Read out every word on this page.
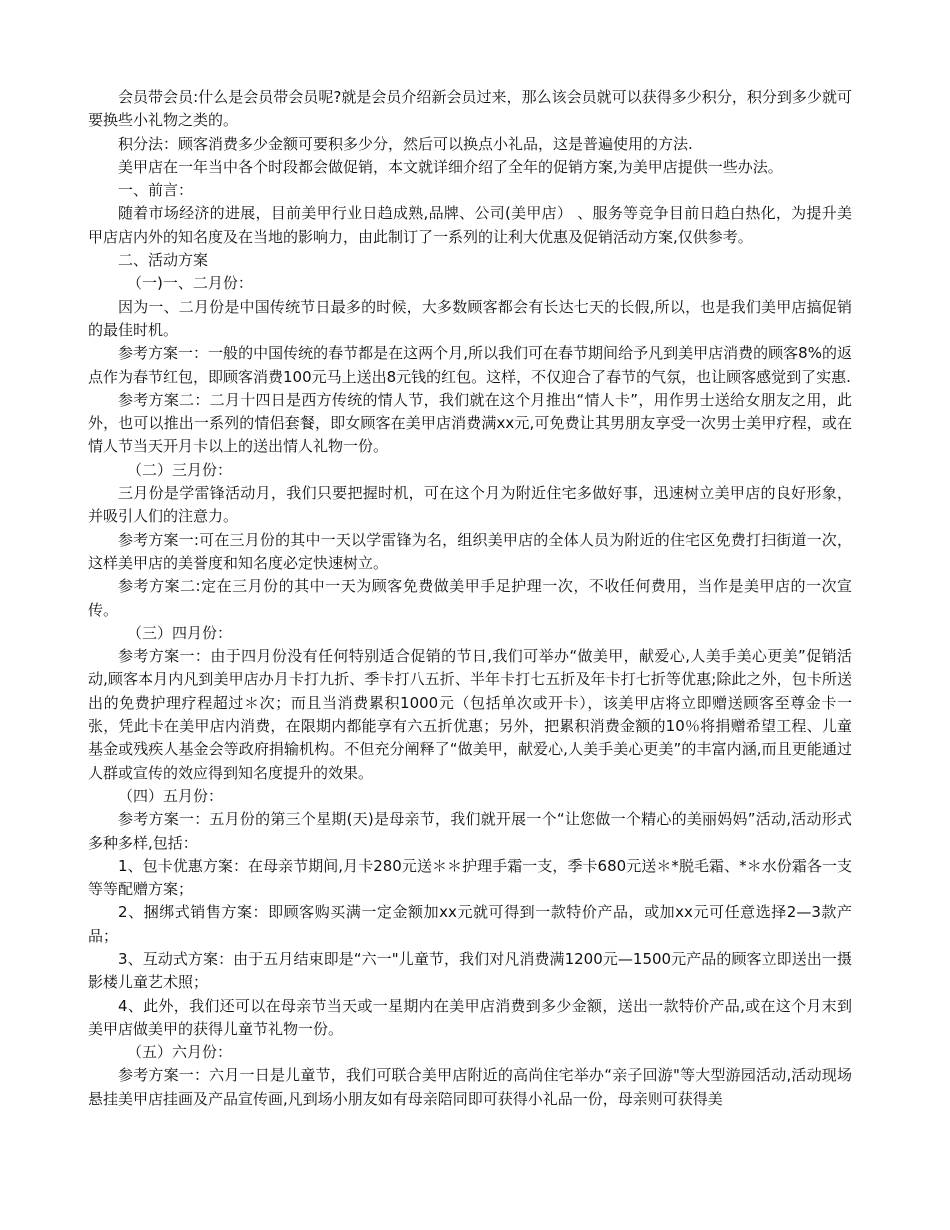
会员带会员:什么是会员带会员呢?就是会员介绍新会员过来，那么该会员就可以获得多少积分，积分到多少就可要换些小礼物之类的。

积分法：顾客消费多少金额可要积多少分，然后可以换点小礼品，这是普遍使用的方法.

美甲店在一年当中各个时段都会做促销，本文就详细介绍了全年的促销方案,为美甲店提供一些办法。

一、前言：

随着市场经济的进展，目前美甲行业日趋成熟,品牌、公司(美甲店） 、服务等竞争目前日趋白热化，为提升美甲店店内外的知名度及在当地的影响力，由此制订了一系列的让利大优惠及促销活动方案,仅供参考。

二、活动方案

（一)一、二月份：

因为一、二月份是中国传统节日最多的时候，大多数顾客都会有长达七天的长假,所以，也是我们美甲店搞促销的最佳时机。

参考方案一：一般的中国传统的春节都是在这两个月,所以我们可在春节期间给予凡到美甲店消费的顾客8%的返点作为春节红包，即顾客消费100元马上送出8元钱的红包。这样，不仅迎合了春节的气氛，也让顾客感觉到了实惠.

参考方案二：二月十四日是西方传统的情人节，我们就在这个月推出“情人卡”，用作男士送给女朋友之用，此外，也可以推出一系列的情侣套餐，即女顾客在美甲店消费满xx元,可免费让其男朋友享受一次男士美甲疗程，或在情人节当天开月卡以上的送出情人礼物一份。

（二）三月份：

三月份是学雷锋活动月，我们只要把握时机，可在这个月为附近住宅多做好事，迅速树立美甲店的良好形象，并吸引人们的注意力。

参考方案一:可在三月份的其中一天以学雷锋为名，组织美甲店的全体人员为附近的住宅区免费打扫街道一次，这样美甲店的美誉度和知名度必定快速树立。

参考方案二:定在三月份的其中一天为顾客免费做美甲手足护理一次，不收任何费用，当作是美甲店的一次宣传。

（三）四月份：

参考方案一：由于四月份没有任何特别适合促销的节日,我们可举办“做美甲，献爱心,人美手美心更美”促销活动,顾客本月内凡到美甲店办月卡打九折、季卡打八五折、半年卡打七五折及年卡打七折等优惠;除此之外，包卡所送出的免费护理疗程超过＊次；而且当消费累积1000元（包括单次或开卡），该美甲店将立即赠送顾客至尊金卡一张，凭此卡在美甲店内消费，在限期内都能享有六五折优惠；另外，把累积消费金额的10％将捐赠希望工程、儿童基金或残疾人基金会等政府捐输机构。不但充分阐释了“做美甲，献爱心,人美手美心更美”的丰富内涵,而且更能通过人群或宣传的效应得到知名度提升的效果。

（四）五月份：

参考方案一：五月份的第三个星期(天)是母亲节，我们就开展一个“让您做一个精心的美丽妈妈”活动,活动形式多种多样,包括：

1、包卡优惠方案：在母亲节期间,月卡280元送＊＊护理手霜一支，季卡680元送＊*脱毛霜、*＊水份霜各一支等等配赠方案；

2、捆绑式销售方案：即顾客购买满一定金额加xx元就可得到一款特价产品，或加xx元可任意选择2—3款产品；

3、互动式方案：由于五月结束即是“六一"儿童节，我们对凡消费满1200元—1500元产品的顾客立即送出一摄影楼儿童艺术照；

4、此外，我们还可以在母亲节当天或一星期内在美甲店消费到多少金额，送出一款特价产品,或在这个月末到美甲店做美甲的获得儿童节礼物一份。

（五）六月份：

参考方案一：六月一日是儿童节，我们可联合美甲店附近的高尚住宅举办“亲子回游"等大型游园活动,活动现场悬挂美甲店挂画及产品宣传画,凡到场小朋友如有母亲陪同即可获得小礼品一份，母亲则可获得美
